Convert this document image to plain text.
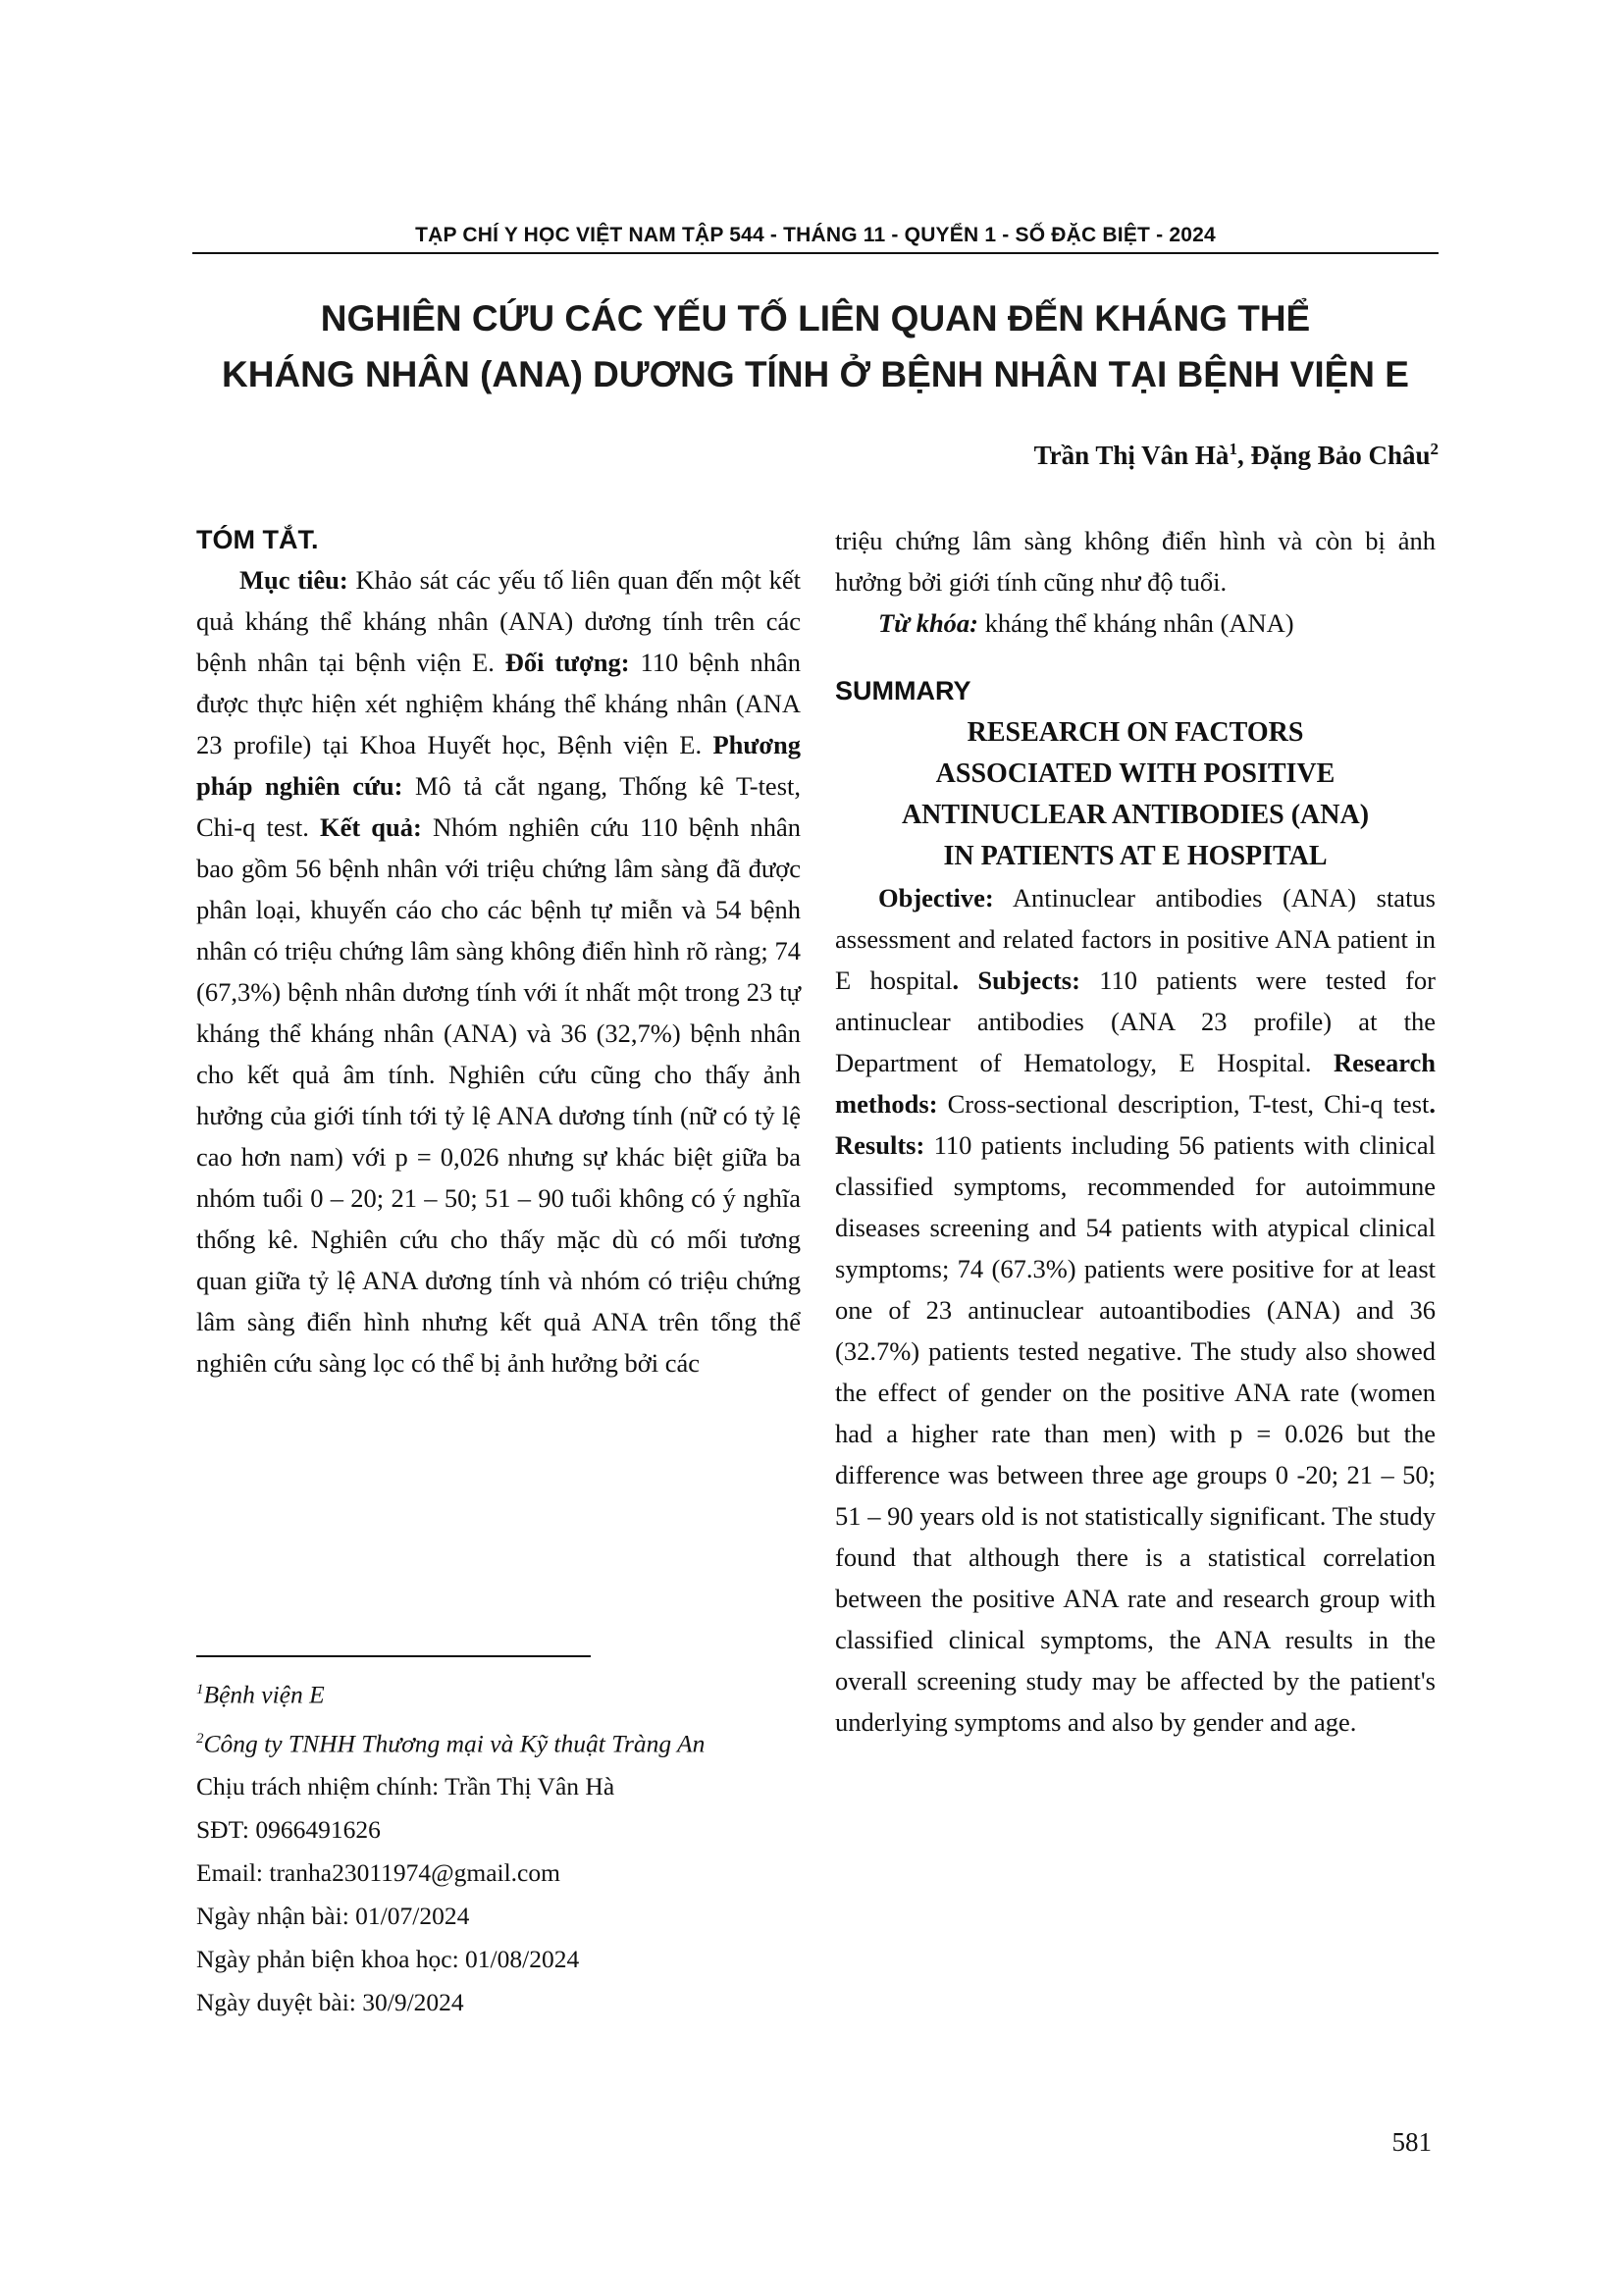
TẠP CHÍ Y HỌC VIỆT NAM TẬP 544 - THÁNG 11 - QUYỂN 1 - SỐ ĐẶC BIỆT - 2024
NGHIÊN CỨU CÁC YẾU TỐ LIÊN QUAN ĐẾN KHÁNG THỂ
KHÁNG NHÂN (ANA) DƯƠNG TÍNH Ở BỆNH NHÂN TẠI BỆNH VIỆN E
Trần Thị Vân $Hà^1$, Đặng Bảo Châu$^2$

TÓM TẮT.

Mục tiêu: Khảo sát các yếu tố liên quan đến một kết quả kháng thể kháng nhân (ANA) dương tính trên các bệnh nhân tại bệnh viện E. Đối tượng: 110 bệnh nhân được thực hiện xét nghiệm kháng thể kháng nhân (ANA 23 profile) tại Khoa Huyết học, Bệnh viện E. Phương pháp nghiên cứu: Mô tả cắt ngang, Thống kê T-test, Chi-q test. Kết quả: Nhóm nghiên cứu 110 bệnh nhân bao gồm 56 bệnh nhân với triệu chứng lâm sàng đã được phân loại, khuyến cáo cho các bệnh tự miễn và 54 bệnh nhân có triệu chứng lâm sàng không điển hình rõ ràng; 74 (67,3%) bệnh nhân dương tính với ít nhất một trong 23 tự kháng thể kháng nhân (ANA) và 36 (32,7%) bệnh nhân cho kết quả âm tính. Nghiên cứu cũng cho thấy ảnh hưởng của giới tính tới tỷ lệ ANA dương tính (nữ có tỷ lệ cao hơn nam) với p = 0,026 nhưng sự khác biệt giữa ba nhóm tuổi 0 – 20; 21 – 50; 51 – 90 tuổi không có ý nghĩa thống kê. Nghiên cứu cho thấy mặc dù có mối tương quan giữa tỷ lệ ANA dương tính và nhóm có triệu chứng lâm sàng điển hình nhưng kết quả ANA trên tổng thể nghiên cứu sàng lọc có thể bị ảnh hưởng bởi các

triệu chứng lâm sàng không điển hình và còn bị ảnh hưởng bởi giới tính cũng như độ tuổi.

Từ khóa: kháng thể kháng nhân (ANA)

SUMMARY

RESEARCH ON FACTORS

ASSOCIATED WITH POSITIVE

ANTINUCLEAR ANTIBODIES (ANA)

IN PATIENTS AT E HOSPITAL

Objective: Antinuclear antibodies (ANA) status assessment and related factors in positive ANA patient in E hospital. Subjects: 110 patients were tested for antinuclear antibodies (ANA 23 profile) at the Department of Hematology, E Hospital. Research methods: Cross-sectional description, T-test, Chi-q test. Results: 110 patients including 56 patients with clinical classified symptoms, recommended for autoimmune diseases screening and 54 patients with atypical clinical symptoms; 74 (67.3%) patients were positive for at least one of 23 antinuclear autoantibodies (ANA) and 36 (32.7%) patients tested negative. The study also showed the effect of gender on the positive ANA rate (women had a higher rate than men) with p = 0.026 but the difference was between three age groups 0 -20; 21 – 50; 51 – 90 years old is not statistically significant. The study found that although there is a statistical correlation between the positive ANA rate and research group with classified clinical symptoms, the ANA results in the overall screening study may be affected by the patient's underlying symptoms and also by gender and age.

$^1$Bệnh viện E
$^2$Công ty TNHH Thương mại và Kỹ thuật Tràng An
Chịu trách nhiệm chính: Trần Thị Vân Hà
SĐT: 0966491626
Email: tranha23011974@gmail.com
Ngày nhận bài: 01/07/2024
Ngày phản biện khoa học: 01/08/2024
Ngày duyệt bài: 30/9/2024
581
